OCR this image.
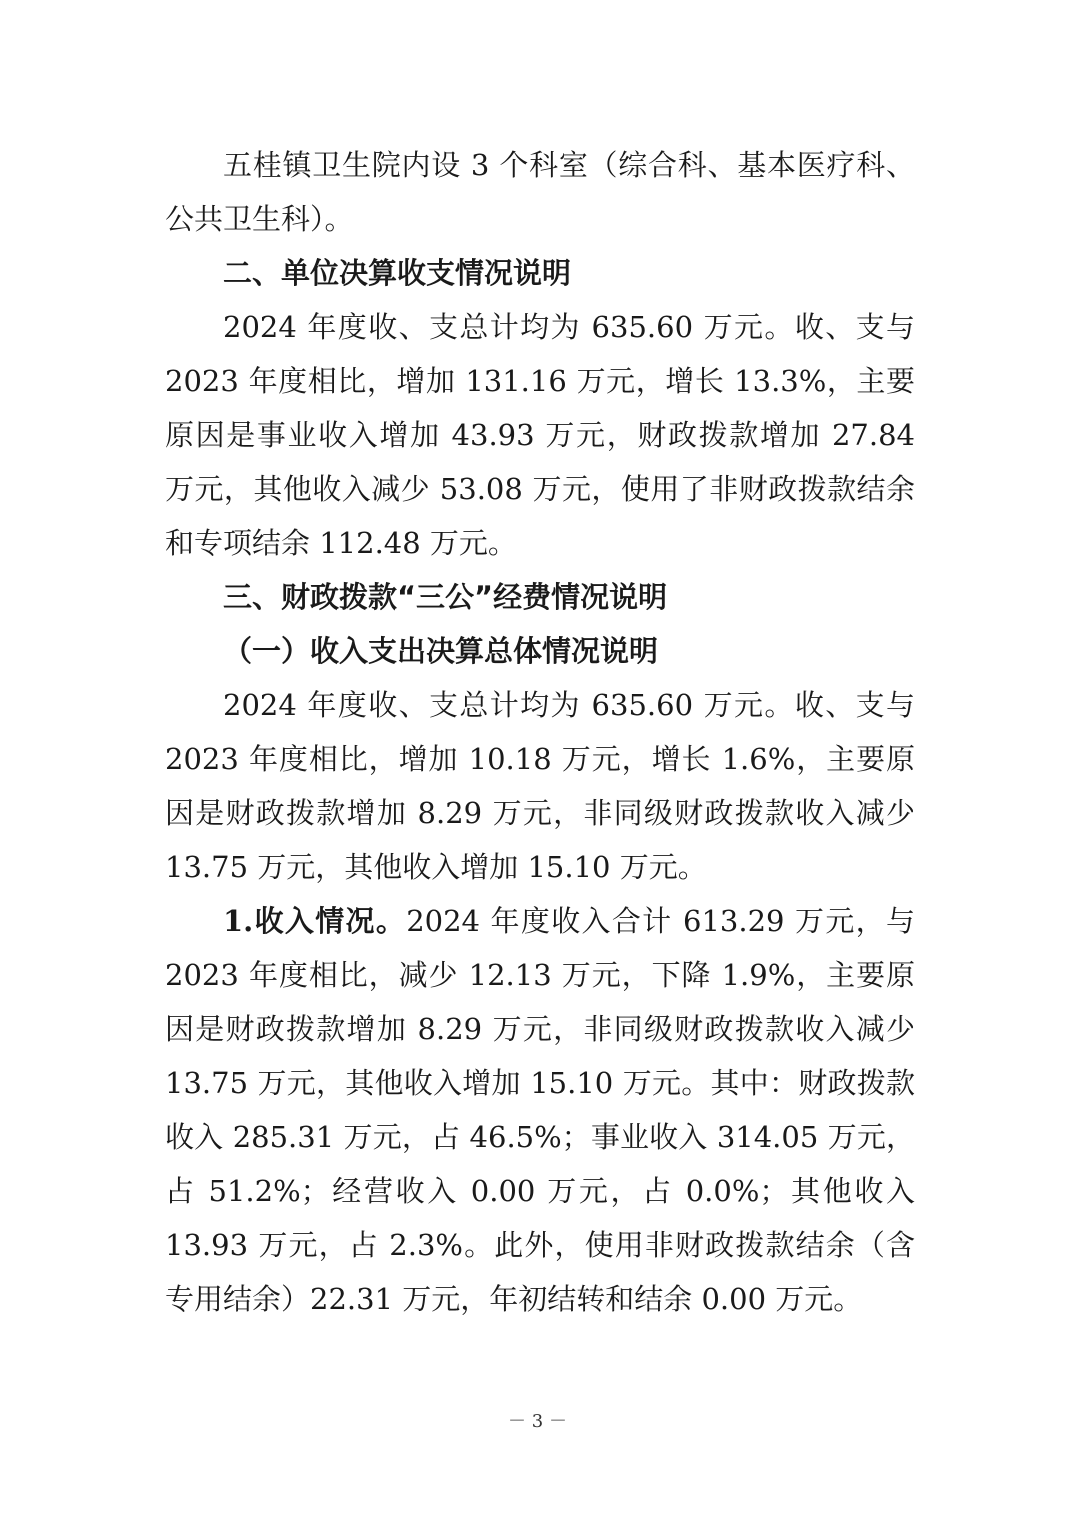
五桂镇卫生院内设 3 个科室（综合科、基本医疗科、公共卫生科）。

二、单位决算收支情况说明

2024 年度收、支总计均为 635.60 万元。收、支与 2023 年度相比，增加 131.16 万元，增长 13.3%，主要原因是事业收入增加 43.93 万元，财政拨款增加 27.84 万元，其他收入减少 53.08 万元，使用了非财政拨款结余和专项结余 112.48 万元。

三、财政拨款“三公”经费情况说明

（一）收入支出决算总体情况说明

2024 年度收、支总计均为 635.60 万元。收、支与 2023 年度相比，增加 10.18 万元，增长 1.6%，主要原因是财政拨款增加 8.29 万元，非同级财政拨款收入减少 13.75 万元，其他收入增加 15.10 万元。

1.收入情况。2024 年度收入合计 613.29 万元，与 2023 年度相比，减少 12.13 万元，下降 1.9%，主要原因是财政拨款增加 8.29 万元，非同级财政拨款收入减少 13.75 万元，其他收入增加 15.10 万元。其中：财政拨款收入 285.31 万元，占 46.5%；事业收入 314.05 万元，占 51.2%；经营收入 0.00 万元，占 0.0%；其他收入 13.93 万元，占 2.3%。此外，使用非财政拨款结余（含专用结余）22.31 万元，年初结转和结余 0.00 万元。

－ 3 －
